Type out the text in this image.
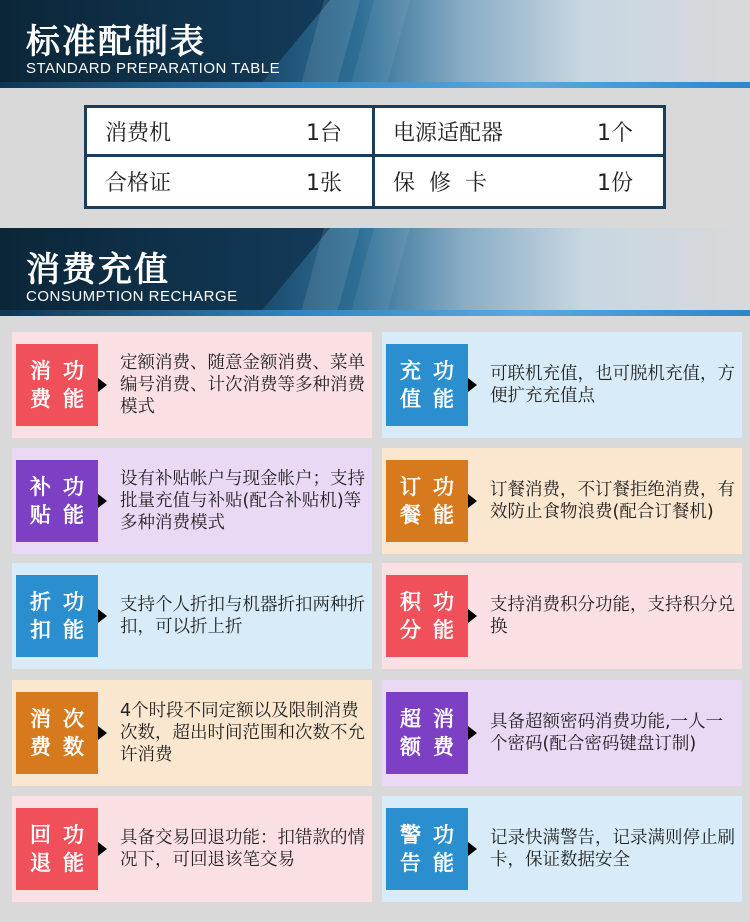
标准配制表
STANDARD PREPARATION TABLE
消费机	1台 电源适配器	1个
合格证	1张 保  修  卡	1份
消费充值
CONSUMPTION RECHARGE
消费

功能
定额消费、随意金额消费、菜单编号消费、计次消费等多种消费模式
充值

功能
可联机充值，也可脱机充值，方便扩充充值点
补贴

功能
设有补贴帐户与现金帐户；支持批量充值与补贴(配合补贴机)等多种消费模式
订餐

功能
订餐消费，不订餐拒绝消费，有效防止食物浪费(配合订餐机)
折扣

功能
支持个人折扣与机器折扣两种折扣，可以折上折
积分

功能
支持消费积分功能，支持积分兑换
消费

次数
4个时段不同定额以及限制消费次数，超出时间范围和次数不允许消费
超额

消费
具备超额密码消费功能,一人一个密码(配合密码键盘订制)
回退

功能
具备交易回退功能：扣错款的情况下，可回退该笔交易
警告

功能
记录快满警告，记录满则停止刷卡，保证数据安全
